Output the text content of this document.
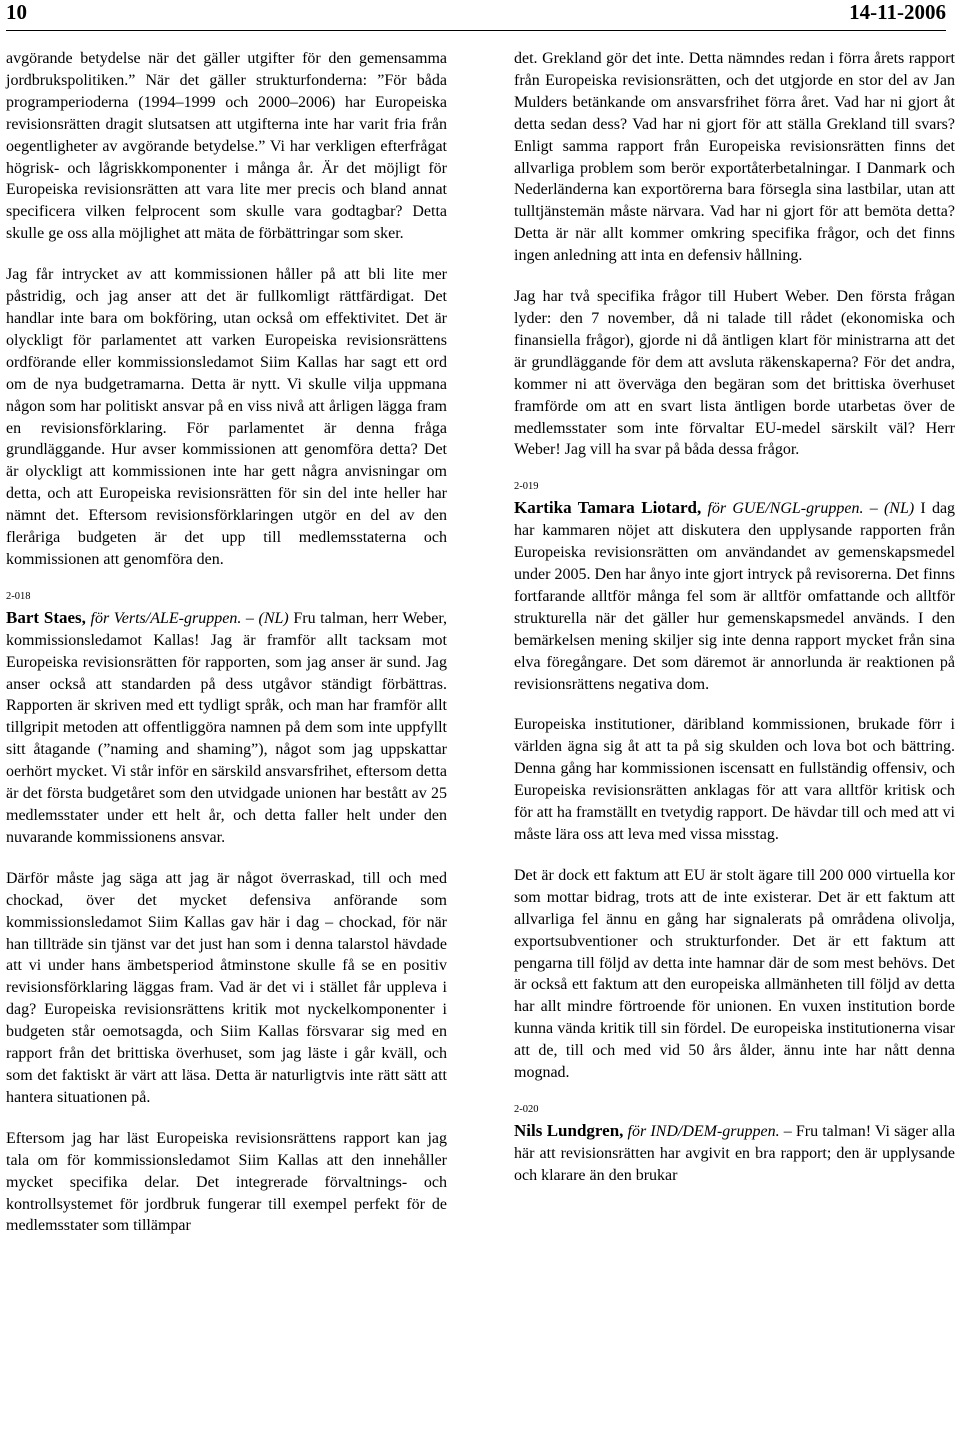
10	14-11-2006

avgörande betydelse när det gäller utgifter för den gemensamma jordbrukspolitiken.” När det gäller strukturfonderna: ”För båda programperioderna (1994–1999 och 2000–2006) har Europeiska revisionsrätten dragit slutsatsen att utgifterna inte har varit fria från oegentligheter av avgörande betydelse.” Vi har verkligen efterfrågat högrisk- och lågriskkomponenter i många år. Är det möjligt för Europeiska revisionsrätten att vara lite mer precis och bland annat specificera vilken felprocent som skulle vara godtagbar? Detta skulle ge oss alla möjlighet att mäta de förbättringar som sker.

Jag får intrycket av att kommissionen håller på att bli lite mer påstridig, och jag anser att det är fullkomligt rättfärdigat. Det handlar inte bara om bokföring, utan också om effektivitet. Det är olyckligt för parlamentet att varken Europeiska revisionsrättens ordförande eller kommissionsledamot Siim Kallas har sagt ett ord om de nya budgetramarna. Detta är nytt. Vi skulle vilja uppmana någon som har politiskt ansvar på en viss nivå att årligen lägga fram en revisionsförklaring. För parlamentet är denna fråga grundläggande. Hur avser kommissionen att genomföra detta? Det är olyckligt att kommissionen inte har gett några anvisningar om detta, och att Europeiska revisionsrätten för sin del inte heller har nämnt det. Eftersom revisionsförklaringen utgör en del av den fleråriga budgeten är det upp till medlemsstaterna och kommissionen att genomföra den.

2-018

Bart Staes, för Verts/ALE-gruppen. – (NL) Fru talman, herr Weber, kommissionsledamot Kallas! Jag är framför allt tacksam mot Europeiska revisionsrätten för rapporten, som jag anser är sund. Jag anser också att standarden på dess utgåvor ständigt förbättras. Rapporten är skriven med ett tydligt språk, och man har framför allt tillgripit metoden att offentliggöra namnen på dem som inte uppfyllt sitt åtagande (”naming and shaming”), något som jag uppskattar oerhört mycket. Vi står inför en särskild ansvarsfrihet, eftersom detta är det första budgetåret som den utvidgade unionen har bestått av 25 medlemsstater under ett helt år, och detta faller helt under den nuvarande kommissionens ansvar.

Därför måste jag säga att jag är något överraskad, till och med chockad, över det mycket defensiva anförande som kommissionsledamot Siim Kallas gav här i dag – chockad, för när han tillträde sin tjänst var det just han som i denna talarstol hävdade att vi under hans ämbetsperiod åtminstone skulle få se en positiv revisionsförklaring läggas fram. Vad är det vi i stället får uppleva i dag? Europeiska revisionsrättens kritik mot nyckelkomponenter i budgeten står oemotsagda, och Siim Kallas försvarar sig med en rapport från det brittiska överhuset, som jag läste i går kväll, och som det faktiskt är värt att läsa. Detta är naturligtvis inte rätt sätt att hantera situationen på.

Eftersom jag har läst Europeiska revisionsrättens rapport kan jag tala om för kommissionsledamot Siim Kallas att den innehåller mycket specifika delar. Det integrerade förvaltnings- och kontrollsystemet för jordbruk fungerar till exempel perfekt för de medlemsstater som tillämpar

det. Grekland gör det inte. Detta nämndes redan i förra årets rapport från Europeiska revisionsrätten, och det utgjorde en stor del av Jan Mulders betänkande om ansvarsfrihet förra året. Vad har ni gjort åt detta sedan dess? Vad har ni gjort för att ställa Grekland till svars? Enligt samma rapport från Europeiska revisionsrätten finns det allvarliga problem som berör exportåterbetalningar. I Danmark och Nederländerna kan exportörerna bara försegla sina lastbilar, utan att tulltjänstemän måste närvara. Vad har ni gjort för att bemöta detta? Detta är när allt kommer omkring specifika frågor, och det finns ingen anledning att inta en defensiv hållning.

Jag har två specifika frågor till Hubert Weber. Den första frågan lyder: den 7 november, då ni talade till rådet (ekonomiska och finansiella frågor), gjorde ni då äntligen klart för ministrarna att det är grundläggande för dem att avsluta räkenskaperna? För det andra, kommer ni att överväga den begäran som det brittiska överhuset framförde om att en svart lista äntligen borde utarbetas över de medlemsstater som inte förvaltar EU-medel särskilt väl? Herr Weber! Jag vill ha svar på båda dessa frågor.

2-019

Kartika Tamara Liotard, för GUE/NGL-gruppen. – (NL) I dag har kammaren nöjet att diskutera den upplysande rapporten från Europeiska revisionsrätten om användandet av gemenskapsmedel under 2005. Den har ånyo inte gjort intryck på revisorerna. Det finns fortfarande alltför många fel som är alltför omfattande och alltför strukturella när det gäller hur gemenskapsmedel används. I den bemärkelsen mening skiljer sig inte denna rapport mycket från sina elva föregångare. Det som däremot är annorlunda är reaktionen på revisionsrättens negativa dom.

Europeiska institutioner, däribland kommissionen, brukade förr i världen ägna sig åt att ta på sig skulden och lova bot och bättring. Denna gång har kommissionen iscensatt en fullständig offensiv, och Europeiska revisionsrätten anklagas för att vara alltför kritisk och för att ha framställt en tvetydig rapport. De hävdar till och med att vi måste lära oss att leva med vissa misstag.

Det är dock ett faktum att EU är stolt ägare till 200 000 virtuella kor som mottar bidrag, trots att de inte existerar. Det är ett faktum att allvarliga fel ännu en gång har signalerats på områdena olivolja, exportsubventioner och strukturfonder. Det är ett faktum att pengarna till följd av detta inte hamnar där de som mest behövs. Det är också ett faktum att den europeiska allmänheten till följd av detta har allt mindre förtroende för unionen. En vuxen institution borde kunna vända kritik till sin fördel. De europeiska institutionerna visar att de, till och med vid 50 års ålder, ännu inte har nått denna mognad.

2-020

Nils Lundgren, för IND/DEM-gruppen. – Fru talman! Vi säger alla här att revisionsrätten har avgivit en bra rapport; den är upplysande och klarare än den brukar
